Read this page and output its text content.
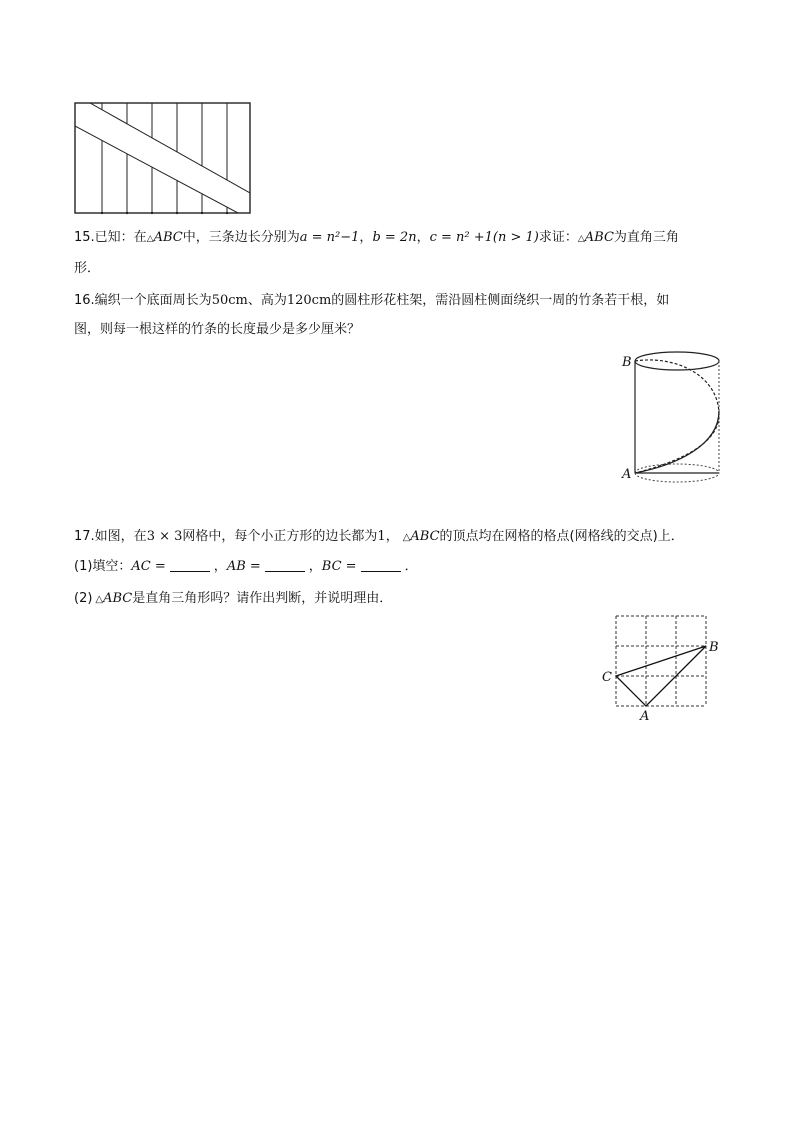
15.已知：在△ABC中，三条边长分别为a = n²−1，b = 2n，c = n² +1(n > 1)求证：△ABC为直角三角
形．
16.编织一个底面周长为50cm、高为120cm的圆柱形花柱架，需沿圆柱侧面绕织一周的竹条若干根，如
图，则每一根这样的竹条的长度最少是多少厘米？
B
A
17.如图，在3 × 3网格中，每个小正方形的边长都为1， △ABC的顶点均在网格的格点(网格线的交点)上．
(1)填空：AC =	，AB =	，BC =	．
(2) △ABC是直角三角形吗？请作出判断，并说明理由．
C
B
A
